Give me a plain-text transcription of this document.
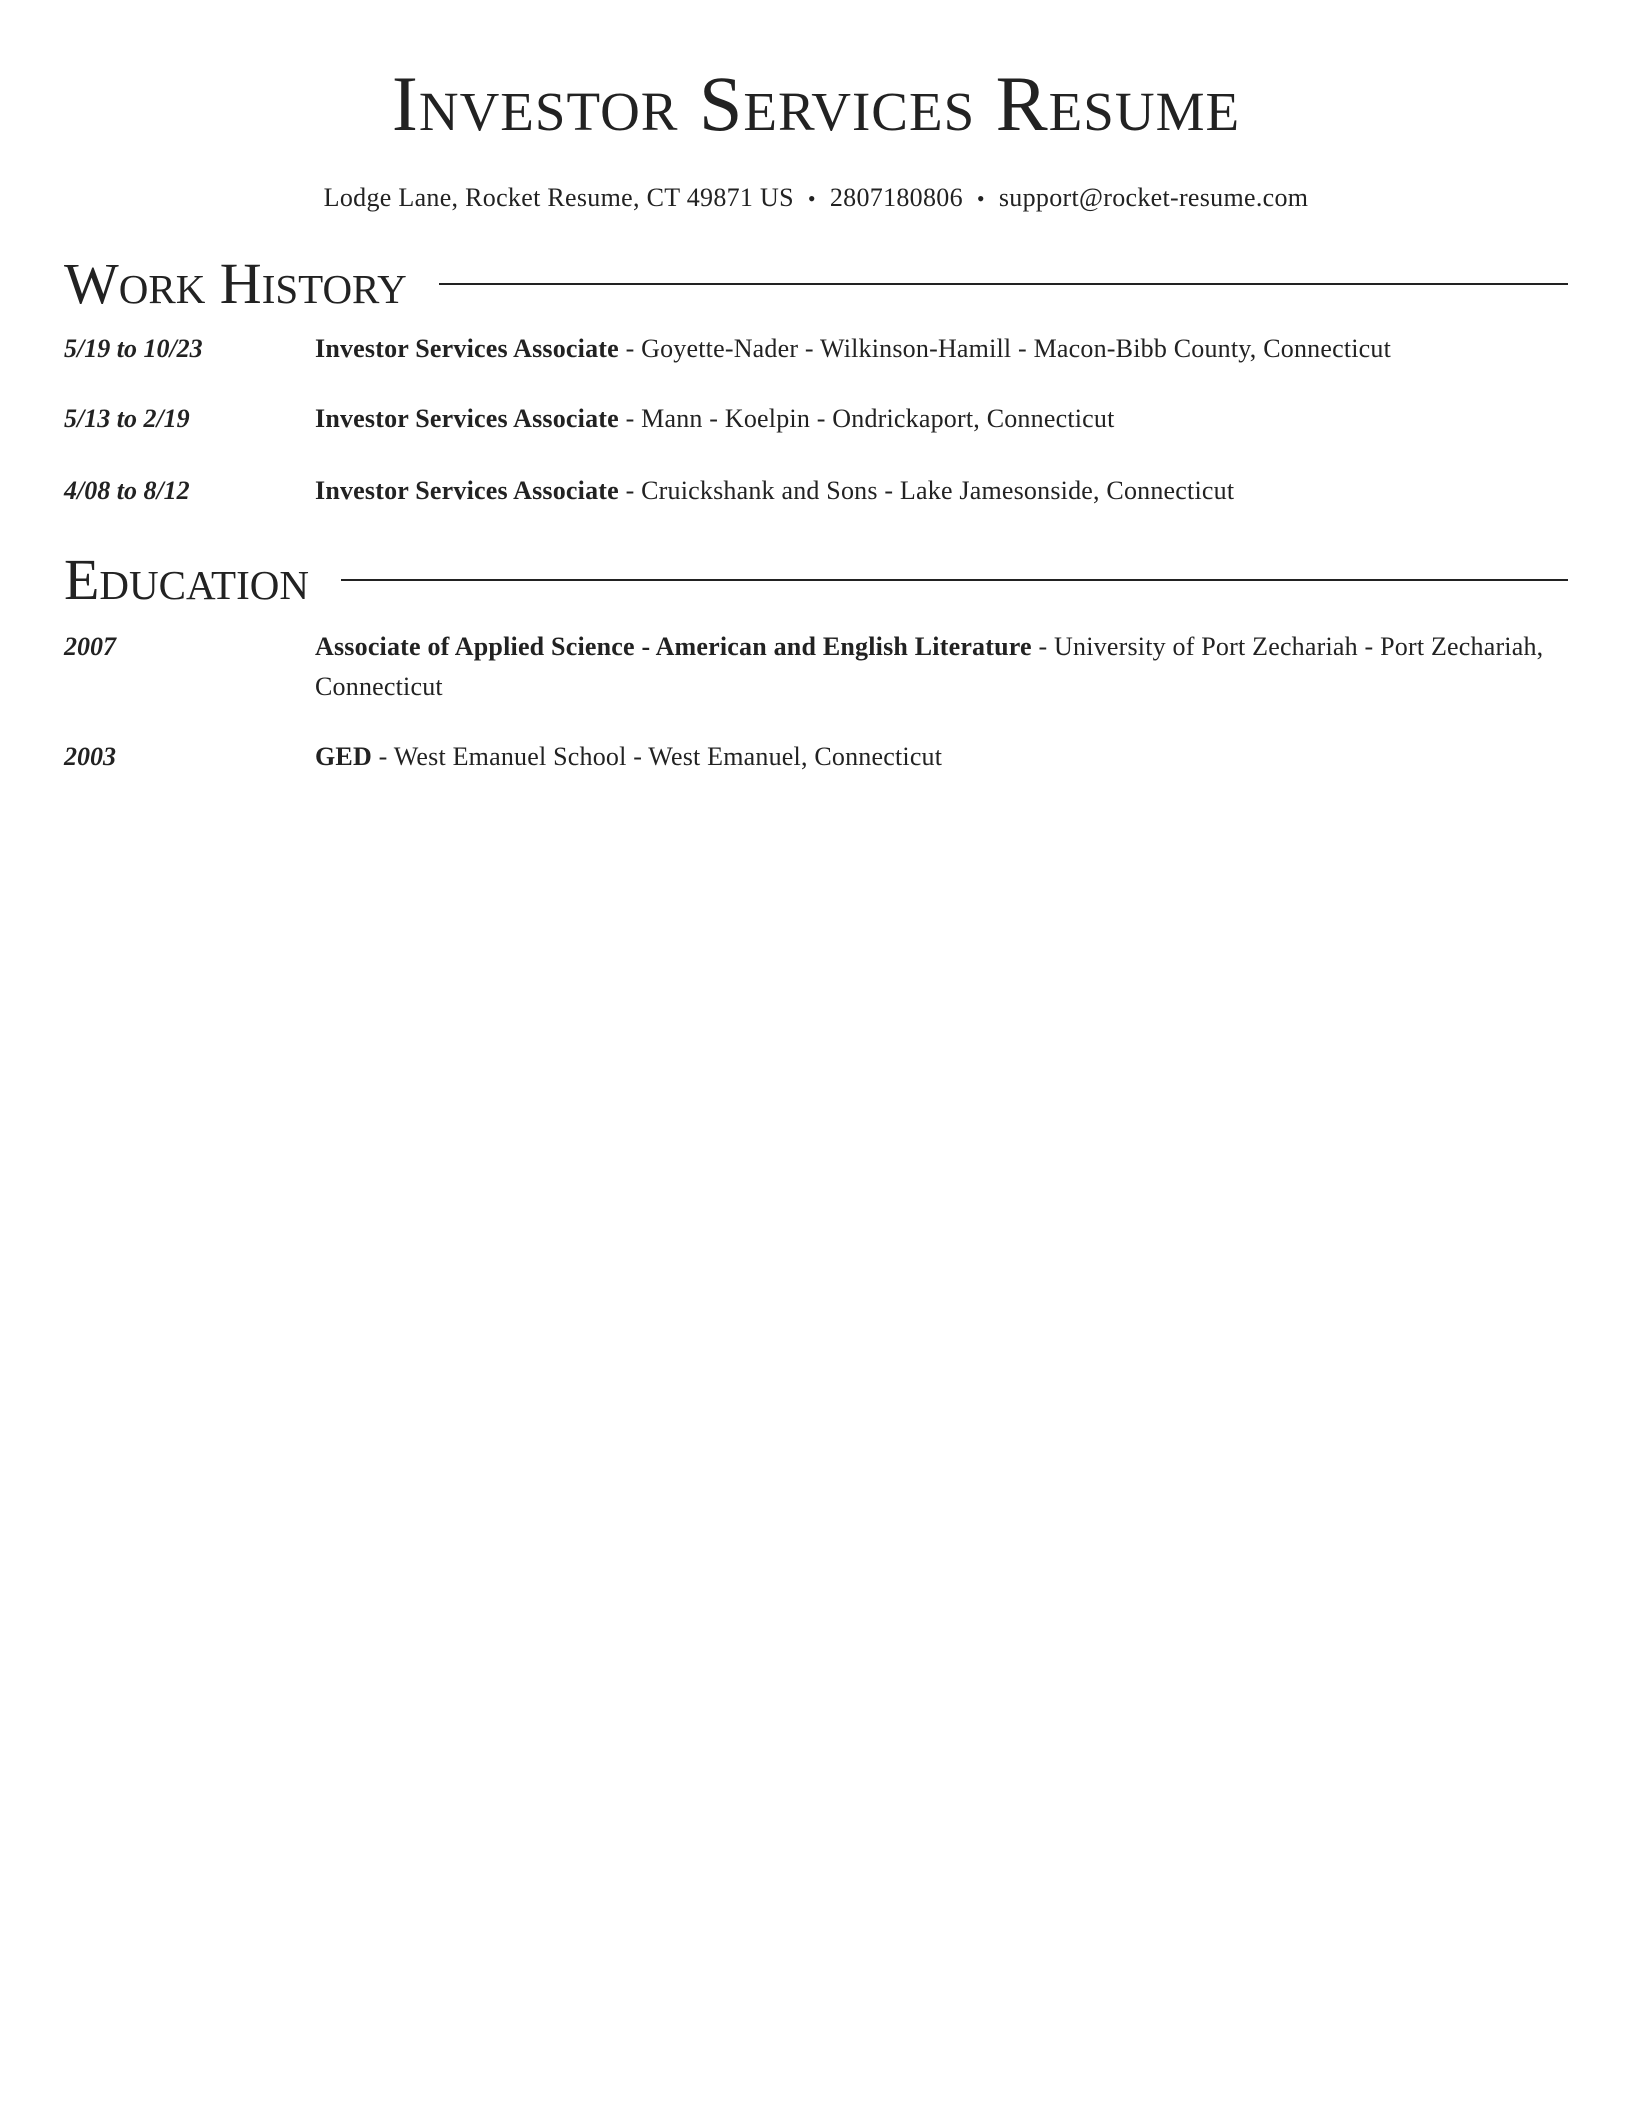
Investor Services Resume
Lodge Lane, Rocket Resume, CT 49871 US • 2807180806 • support@rocket-resume.com
Work History
5/19 to 10/23	Investor Services Associate - Goyette-Nader - Wilkinson-Hamill - Macon-Bibb County, Connecticut
5/13 to 2/19	Investor Services Associate - Mann - Koelpin - Ondrickaport, Connecticut
4/08 to 8/12	Investor Services Associate - Cruickshank and Sons - Lake Jamesonside, Connecticut
Education
2007	Associate of Applied Science - American and English Literature - University of Port Zechariah - Port Zechariah, Connecticut
2003	GED - West Emanuel School - West Emanuel, Connecticut
